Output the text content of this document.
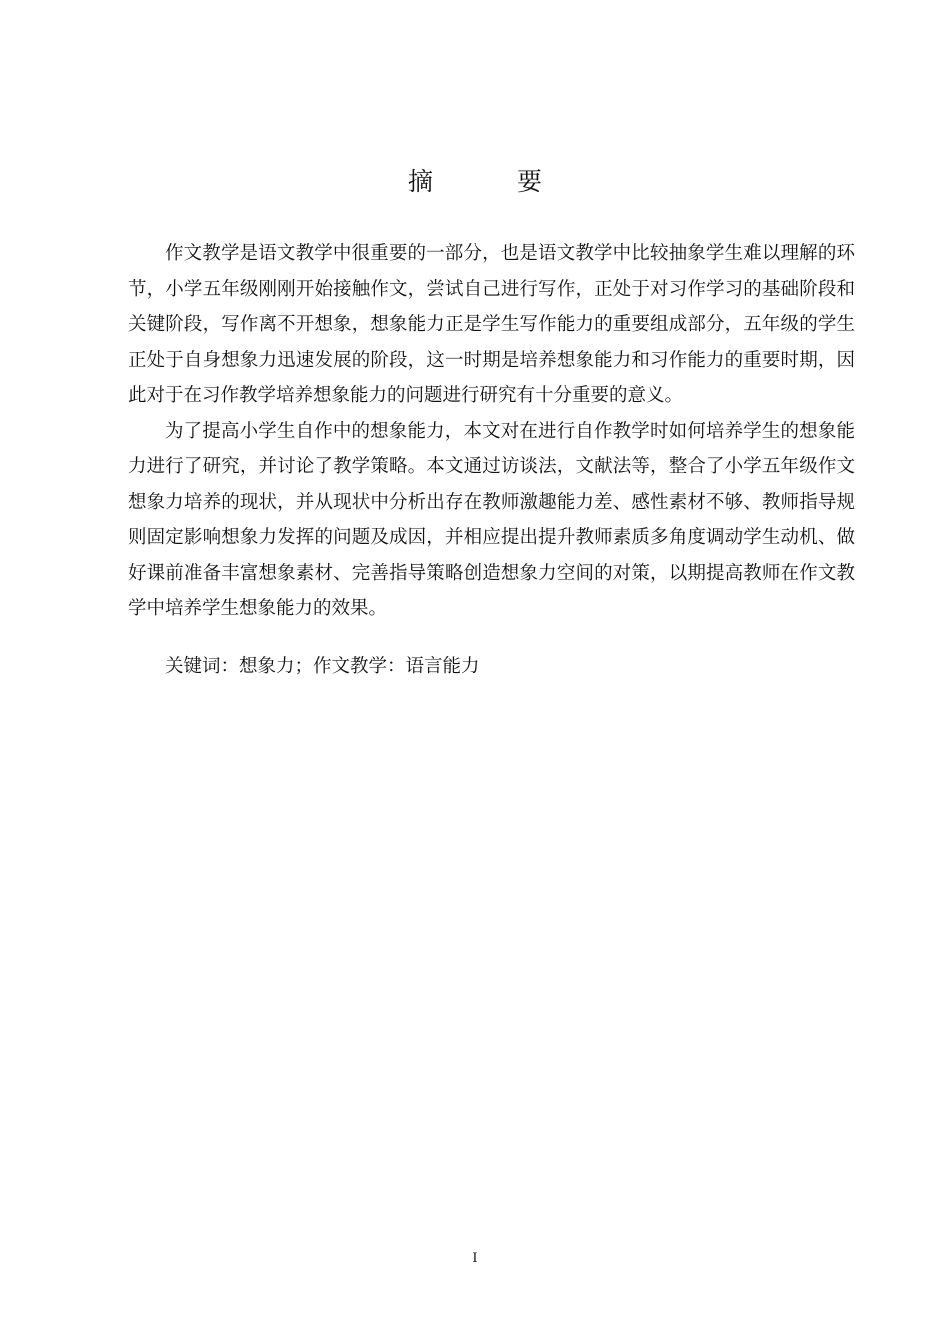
摘 要

作文教学是语文教学中很重要的一部分，也是语文教学中比较抽象学生难以理解的环节，小学五年级刚刚开始接触作文，尝试自己进行写作，正处于对习作学习的基础阶段和关键阶段，写作离不开想象，想象能力正是学生写作能力的重要组成部分，五年级的学生正处于自身想象力迅速发展的阶段，这一时期是培养想象能力和习作能力的重要时期，因此对于在习作教学培养想象能力的问题进行研究有十分重要的意义。

为了提高小学生自作中的想象能力，本文对在进行自作教学时如何培养学生的想象能力进行了研究，并讨论了教学策略。本文通过访谈法，文献法等，整合了小学五年级作文想象力培养的现状，并从现状中分析出存在教师激趣能力差、感性素材不够、教师指导规则固定影响想象力发挥的问题及成因，并相应提出提升教师素质多角度调动学生动机、做好课前准备丰富想象素材、完善指导策略创造想象力空间的对策，以期提高教师在作文教学中培养学生想象能力的效果。

关键词：想象力；作文教学：语言能力
I
